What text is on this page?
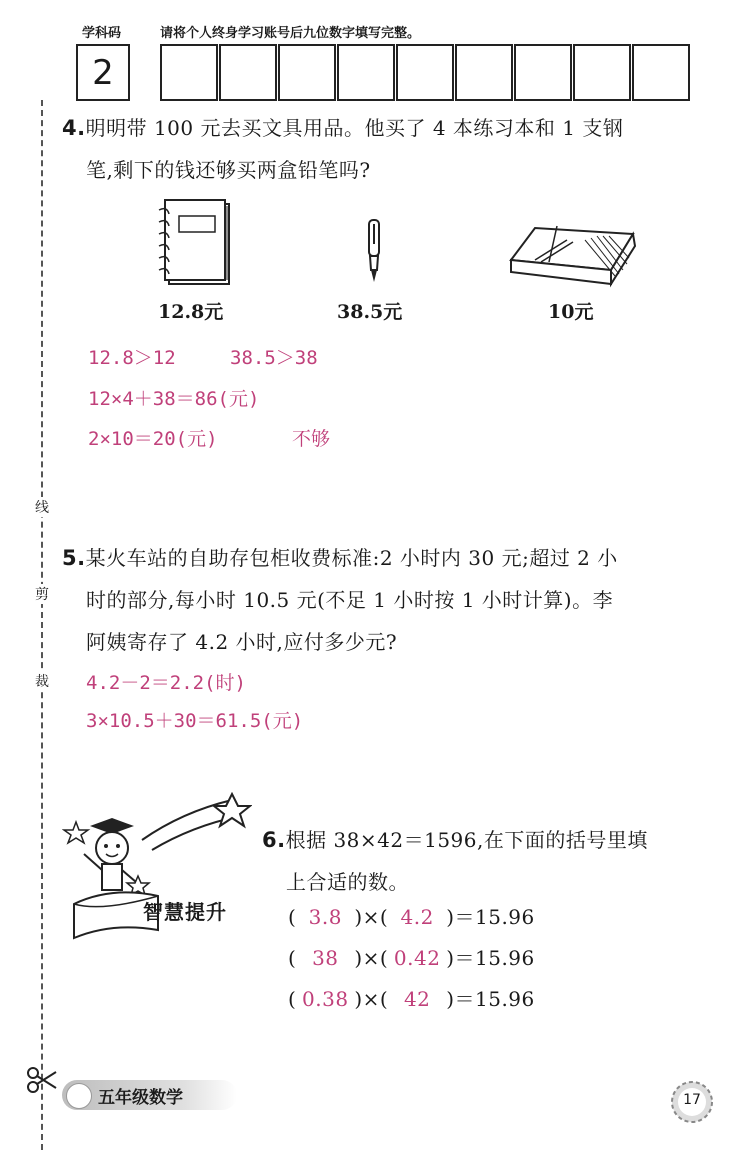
学科码	请将个人终身学习账号后九位数字填写完整。
2
线
剪
裁
4.明明带 100 元去买文具用品。他买了 4 本练习本和 1 支钢
笔,剩下的钱还够买两盒铅笔吗?
12.8元	38.5元	10元
12.8＞12	38.5＞38
12×4＋38＝86(元)
2×10＝20(元)	不够
5.某火车站的自助存包柜收费标准:2 小时内 30 元;超过 2 小
时的部分,每小时 10.5 元(不足 1 小时按 1 小时计算)。李
阿姨寄存了 4.2 小时,应付多少元?
4.2－2＝2.2(时)
3×10.5＋30＝61.5(元)
智慧提升
6.根据 38×42＝1596,在下面的括号里填
上合适的数。
( 3.8 )×( 4.2 )＝15.96
( 38 )×( 0.42 )＝15.96
( 0.38 )×( 42 )＝15.96
五年级数学	17
